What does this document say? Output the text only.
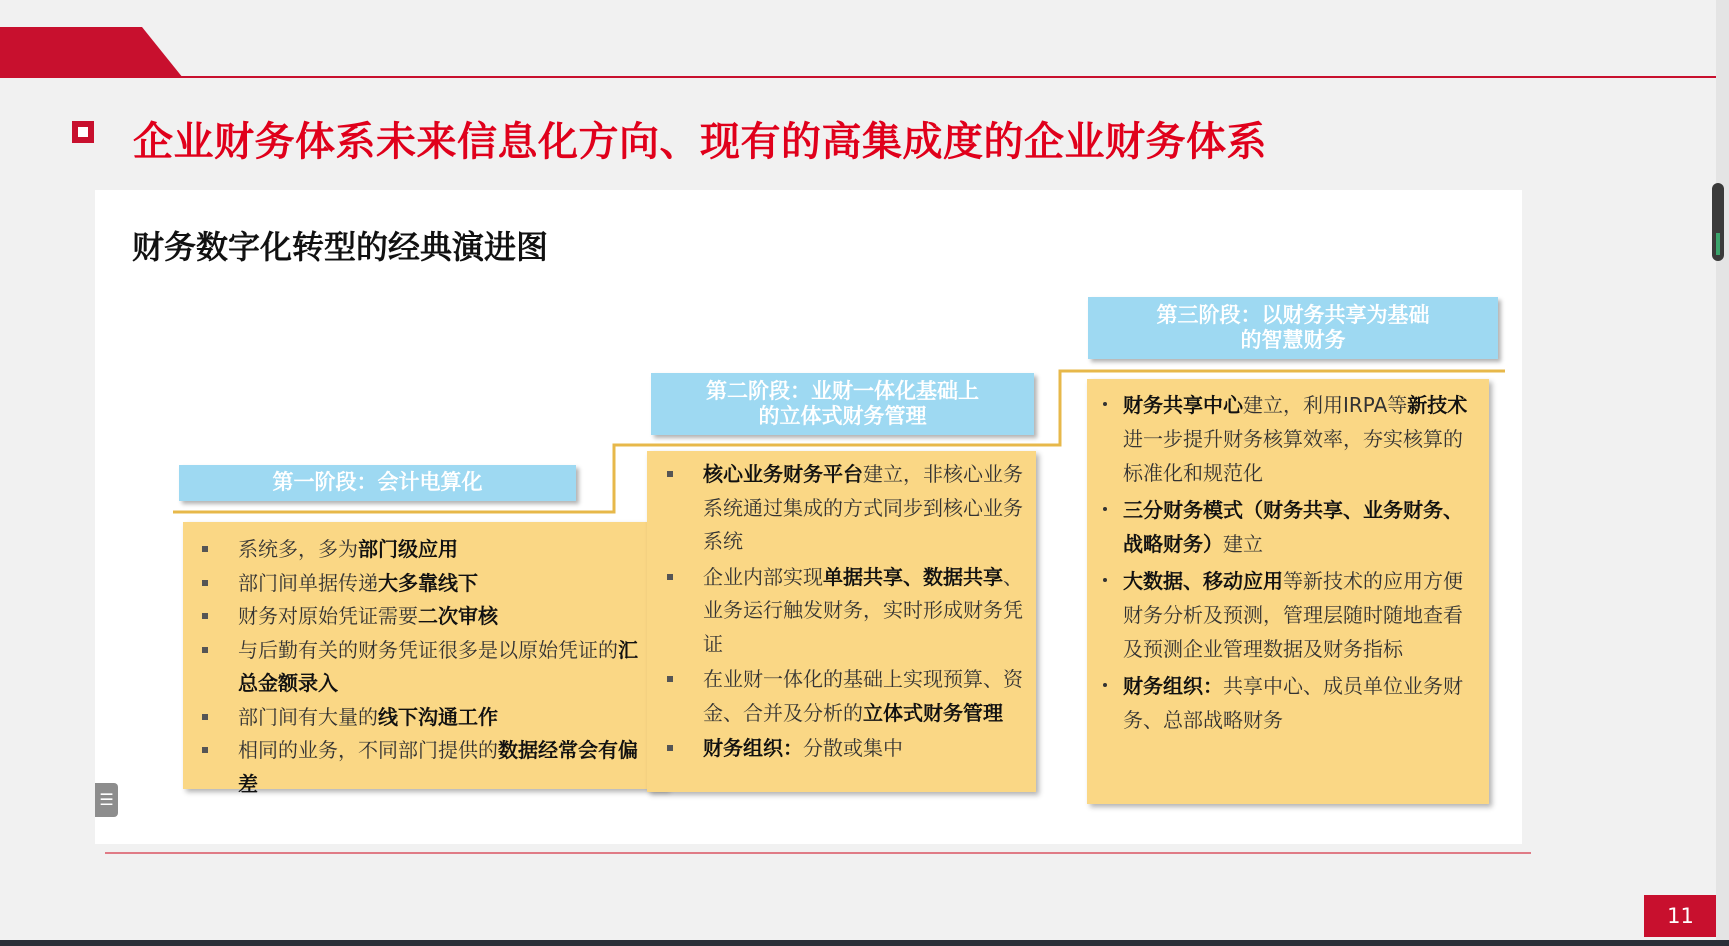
企业财务体系未来信息化方向、现有的高集成度的企业财务体系
财务数字化转型的经典演进图
第一阶段：会计电算化
系统多，多为部门级应用
部门间单据传递大多靠线下
财务对原始凭证需要二次审核
与后勤有关的财务凭证很多是以原始凭证的汇总金额录入
部门间有大量的线下沟通工作
相同的业务，不同部门提供的数据经常会有偏差
第二阶段：业财一体化基础上
的立体式财务管理
核心业务财务平台建立，非核心业务系统通过集成的方式同步到核心业务系统
企业内部实现单据共享、数据共享、业务运行触发财务，实时形成财务凭证
在业财一体化的基础上实现预算、资金、合并及分析的立体式财务管理
财务组织：分散或集中
第三阶段：以财务共享为基础
的智慧财务
财务共享中心建立，利用IRPA等新技术进一步提升财务核算效率，夯实核算的标准化和规范化
三分财务模式（财务共享、业务财务、战略财务）建立
大数据、移动应用等新技术的应用方便财务分析及预测，管理层随时随地查看及预测企业管理数据及财务指标
财务组织：共享中心、成员单位业务财务、总部战略财务
☰
11
